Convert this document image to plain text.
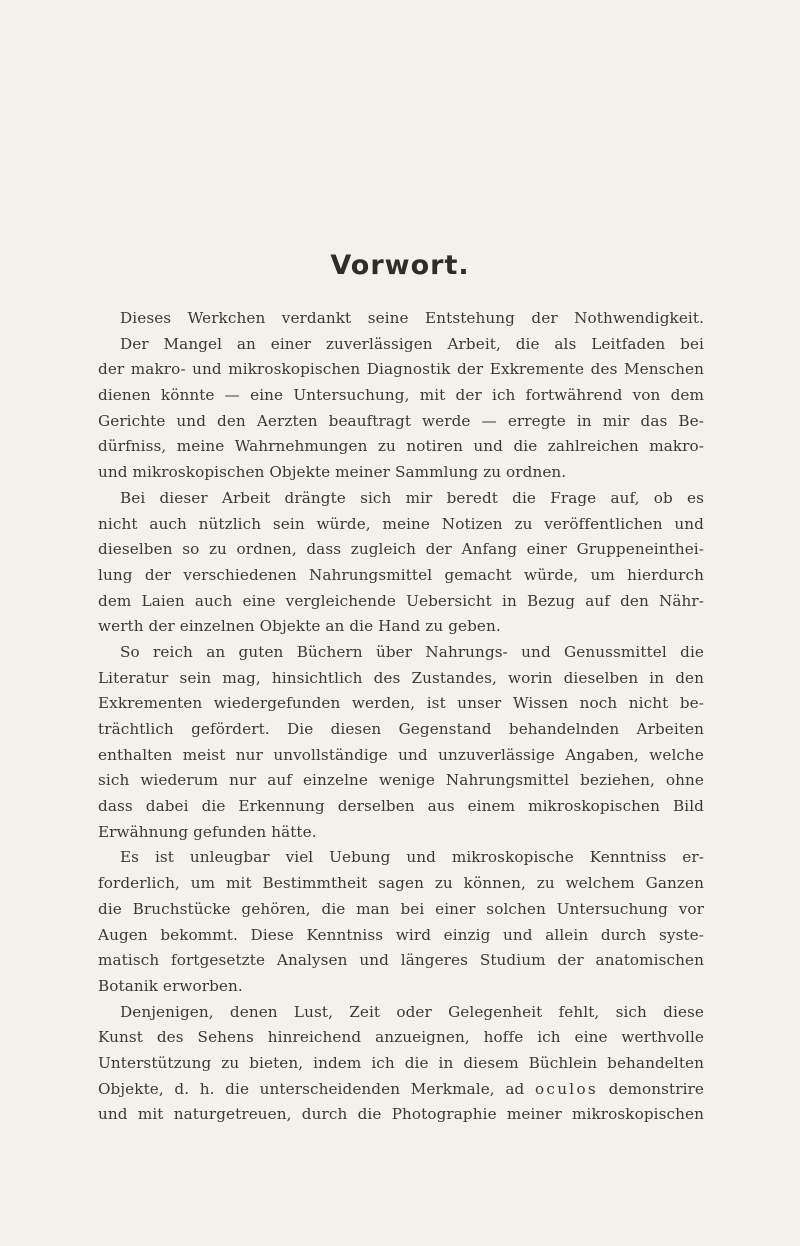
Vorwort.
Dieses Werkchen verdankt seine Entstehung der Nothwendigkeit.
Der Mangel an einer zuverlässigen Arbeit, die als Leitfaden bei
der makro- und mikroskopischen Diagnostik der Exkremente des Menschen
dienen könnte — eine Untersuchung, mit der ich fortwährend von dem
Gerichte und den Aerzten beauftragt werde — erregte in mir das Be-
dürfniss, meine Wahrnehmungen zu notiren und die zahlreichen makro-
und mikroskopischen Objekte meiner Sammlung zu ordnen.
Bei dieser Arbeit drängte sich mir beredt die Frage auf, ob es
nicht auch nützlich sein würde, meine Notizen zu veröffentlichen und
dieselben so zu ordnen, dass zugleich der Anfang einer Gruppeneinthei-
lung der verschiedenen Nahrungsmittel gemacht würde, um hierdurch
dem Laien auch eine vergleichende Uebersicht in Bezug auf den Nähr-
werth der einzelnen Objekte an die Hand zu geben.
So reich an guten Büchern über Nahrungs- und Genussmittel die
Literatur sein mag, hinsichtlich des Zustandes, worin dieselben in den
Exkrementen wiedergefunden werden, ist unser Wissen noch nicht be-
trächtlich gefördert. Die diesen Gegenstand behandelnden Arbeiten
enthalten meist nur unvollständige und unzuverlässige Angaben, welche
sich wiederum nur auf einzelne wenige Nahrungsmittel beziehen, ohne
dass dabei die Erkennung derselben aus einem mikroskopischen Bild
Erwähnung gefunden hätte.
Es ist unleugbar viel Uebung und mikroskopische Kenntniss er-
forderlich, um mit Bestimmtheit sagen zu können, zu welchem Ganzen
die Bruchstücke gehören, die man bei einer solchen Untersuchung vor
Augen bekommt. Diese Kenntniss wird einzig und allein durch syste-
matisch fortgesetzte Analysen und längeres Studium der anatomischen
Botanik erworben.
Denjenigen, denen Lust, Zeit oder Gelegenheit fehlt, sich diese
Kunst des Sehens hinreichend anzueignen, hoffe ich eine werthvolle
Unterstützung zu bieten, indem ich die in diesem Büchlein behandelten
Objekte, d. h. die unterscheidenden Merkmale, ad oculos demonstrire
und mit naturgetreuen, durch die Photographie meiner mikroskopischen
